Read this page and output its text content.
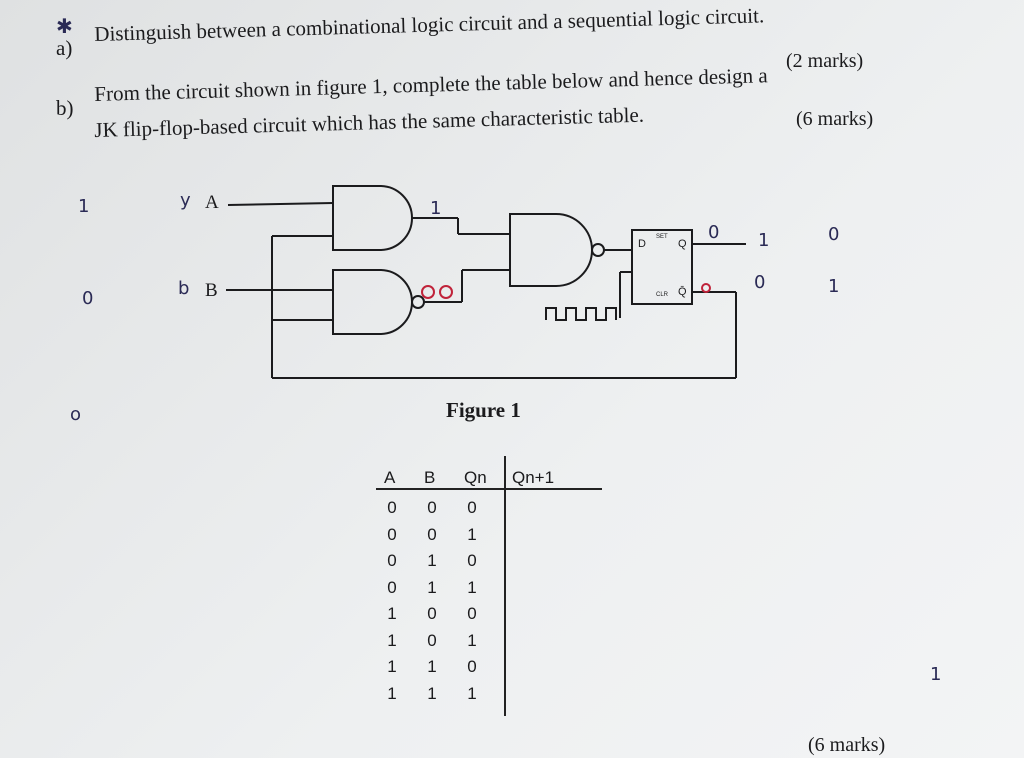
✱
a)
Distinguish between a combinational logic circuit and a sequential logic circuit.
(2 marks)
b)
From the circuit shown in figure 1, complete the table below and hence design a
JK flip-flop-based circuit which has the same characteristic table.	(6 marks)
A
B
D
SET
Q
CLR Q̄
y
b
1
0
1
0 1	0
0	1
o
1
Figure 1
A B Qn Qn+1
0	0	0
0	0	1
0	1	0
0	1	1
1	0	0
1	0	1
1	1	0
1	1	1
(6 marks)
